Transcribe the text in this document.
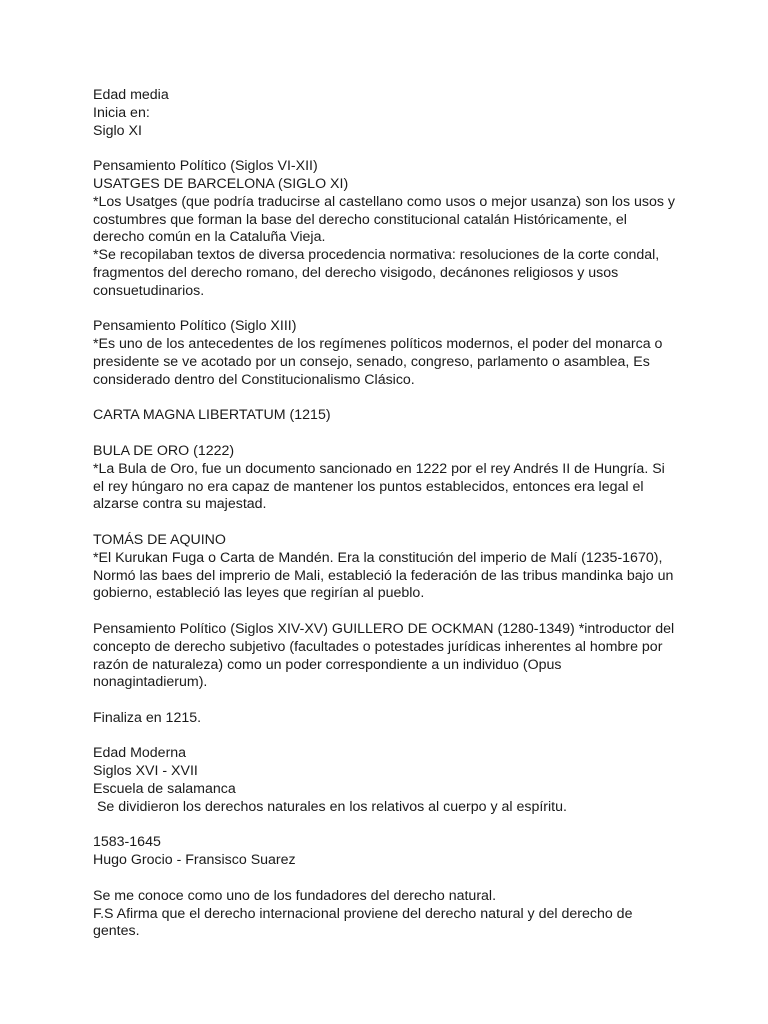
Edad media
Inicia en:
Siglo XI
Pensamiento Político (Siglos VI-XII)
USATGES DE BARCELONA (SIGLO XI)
*Los Usatges (que podría traducirse al castellano como usos o mejor usanza) son los usos y
costumbres que forman la base del derecho constitucional catalán Históricamente, el
derecho común en la Cataluña Vieja.
*Se recopilaban textos de diversa procedencia normativa: resoluciones de la corte condal,
fragmentos del derecho romano, del derecho visigodo, decánones religiosos y usos
consuetudinarios.
Pensamiento Político (Siglo XIII)
*Es uno de los antecedentes de los regímenes políticos modernos, el poder del monarca o
presidente se ve acotado por un consejo, senado, congreso, parlamento o asamblea, Es
considerado dentro del Constitucionalismo Clásico.
CARTA MAGNA LIBERTATUM (1215)
BULA DE ORO (1222)
*La Bula de Oro, fue un documento sancionado en 1222 por el rey Andrés II de Hungría. Si
el rey húngaro no era capaz de mantener los puntos establecidos, entonces era legal el
alzarse contra su majestad.
TOMÁS DE AQUINO
*El Kurukan Fuga o Carta de Mandén. Era la constitución del imperio de Malí (1235-1670),
Normó las baes del imprerio de Mali, estableció la federación de las tribus mandinka bajo un
gobierno, estableció las leyes que regirían al pueblo.
Pensamiento Político (Siglos XIV-XV) GUILLERO DE OCKMAN (1280-1349) *introductor del
concepto de derecho subjetivo (facultades o potestades jurídicas inherentes al hombre por
razón de naturaleza) como un poder correspondiente a un individuo (Opus
nonagintadierum).
Finaliza en 1215.
Edad Moderna
Siglos XVI - XVII
Escuela de salamanca
Se dividieron los derechos naturales en los relativos al cuerpo y al espíritu.
1583-1645
Hugo Grocio - Fransisco Suarez
Se me conoce como uno de los fundadores del derecho natural.
F.S Afirma que el derecho internacional proviene del derecho natural y del derecho de
gentes.
